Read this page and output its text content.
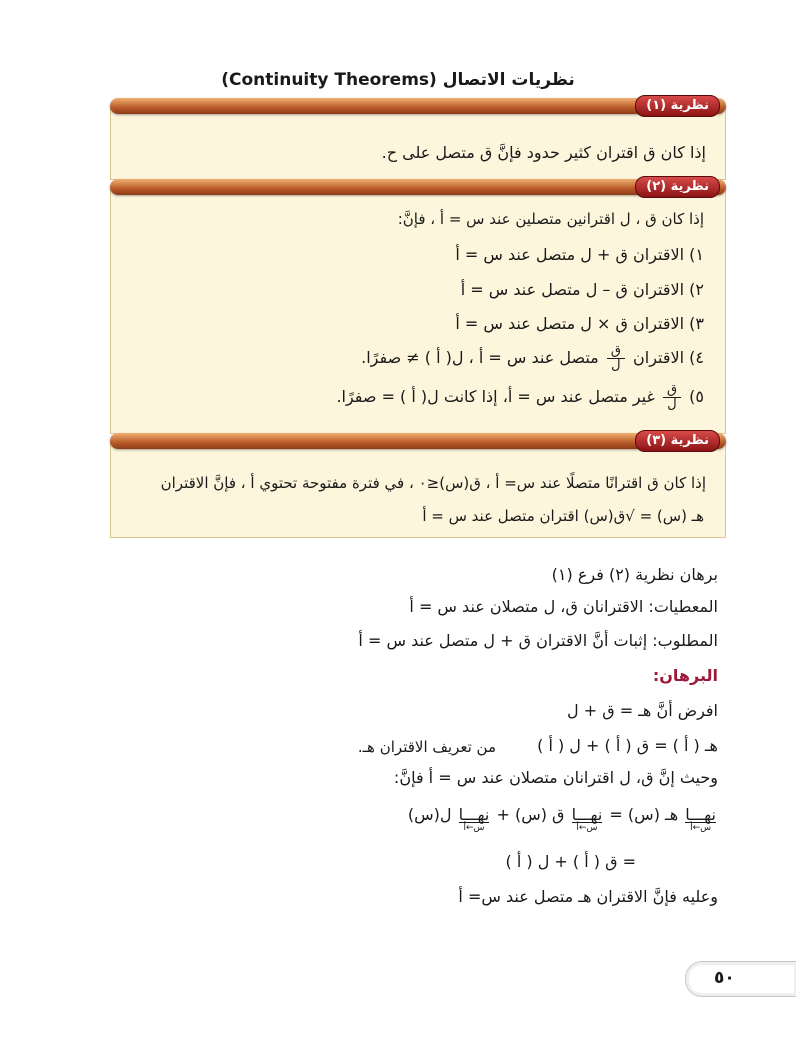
نظريات الاتصال (Continuity Theorems)
نظرية (١)
إذا كان ق اقتران كثير حدود فإنَّ ق متصل على ح.
نظرية (٢)
إذا كان ق ، ل اقترانين متصلين عند س = أ ، فإنَّ:
١) الاقتران ق + ل متصل عند س = أ
٢) الاقتران ق – ل متصل عند س = أ
٣) الاقتران ق × ل متصل عند س = أ
٤) الاقتران
$\frac{\text{ق}}{\text{ل}}$
متصل عند س = أ ، ل( أ ) ≠ صفرًا.
٥)
$\frac{\text{ق}}{\text{ل}}$
غير متصل عند س = أ، إذا كانت ل( أ ) = صفرًا.
نظرية (٣)
إذا كان ق اقترانًا متصلًا عند س= أ ، ق(س)≤٠ ، في فترة مفتوحة تحتوي أ ، فإنَّ الاقتران
هـ (س) = √ق(س) اقتران متصل عند س = أ
برهان نظرية (٢) فرع (١)
المعطيات: الاقترانان ق، ل متصلان عند س = أ
المطلوب: إثبات أنَّ الاقتران ق + ل متصل عند س = أ
البرهان:
افرض أنَّ هـ = ق + ل
هـ ( أ ) = ق ( أ ) + ل ( أ )
من تعريف الاقتران هـ.
وحيث إنَّ ق، ل اقترانان متصلان عند س = أ فإنَّ:
نهـــا
س←أ
هـ (س) = نهـــا
س←أ
ق (س) + نهـــا
س←أ
ل(س)
= ق ( أ ) + ل ( أ )
وعليه فإنَّ الاقتران هـ متصل عند س= أ
٥٠
